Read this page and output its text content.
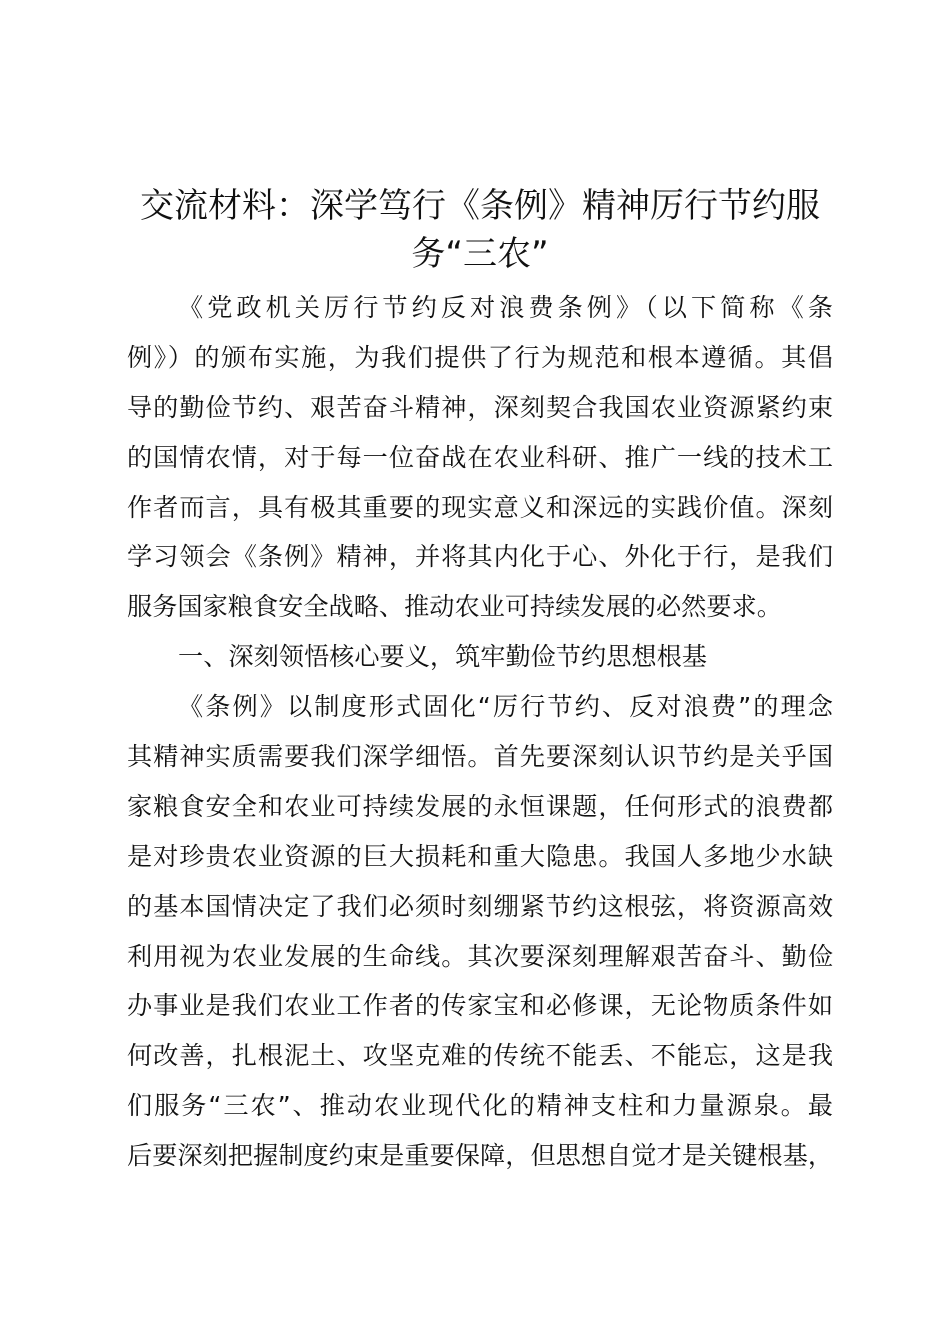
交流材料：深学笃行《条例》精神厉行节约服
务“三农”
《党政机关厉行节约反对浪费条例》（以下简称《条
例》）的颁布实施，为我们提供了行为规范和根本遵循。其倡
导的勤俭节约、艰苦奋斗精神，深刻契合我国农业资源紧约束
的国情农情，对于每一位奋战在农业科研、推广一线的技术工
作者而言，具有极其重要的现实意义和深远的实践价值。深刻
学习领会《条例》精神，并将其内化于心、外化于行，是我们
服务国家粮食安全战略、推动农业可持续发展的必然要求。
一、深刻领悟核心要义，筑牢勤俭节约思想根基
《条例》以制度形式固化“厉行节约、反对浪费”的理念
其精神实质需要我们深学细悟。首先要深刻认识节约是关乎国
家粮食安全和农业可持续发展的永恒课题，任何形式的浪费都
是对珍贵农业资源的巨大损耗和重大隐患。我国人多地少水缺
的基本国情决定了我们必须时刻绷紧节约这根弦，将资源高效
利用视为农业发展的生命线。其次要深刻理解艰苦奋斗、勤俭
办事业是我们农业工作者的传家宝和必修课，无论物质条件如
何改善，扎根泥土、攻坚克难的传统不能丢、不能忘，这是我
们服务“三农”、推动农业现代化的精神支柱和力量源泉。最
后要深刻把握制度约束是重要保障，但思想自觉才是关键根基，
